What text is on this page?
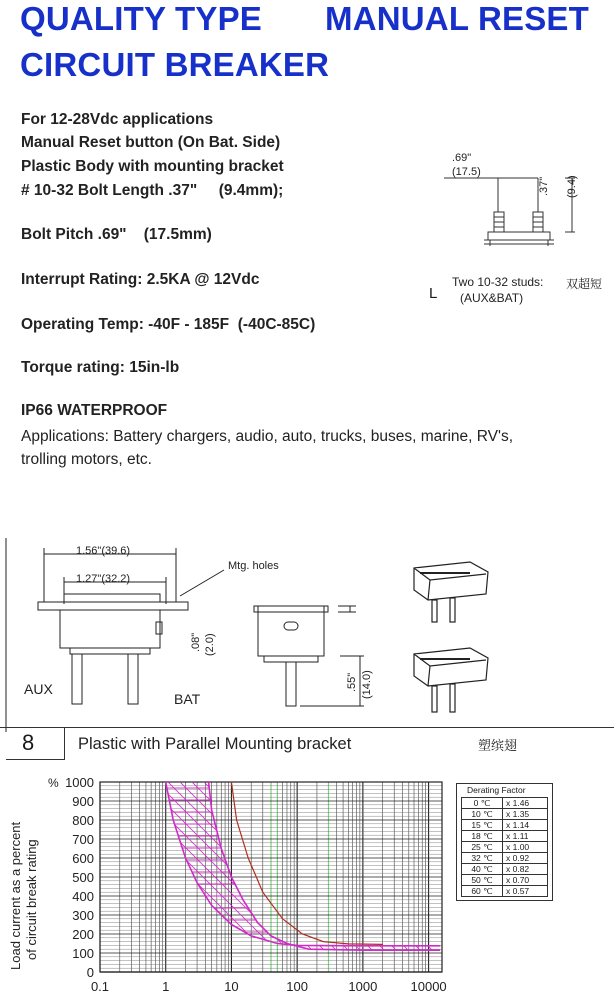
QUALITY TYPE MANUAL RESET
CIRCUIT BREAKER
For 12-28Vdc applications
Manual Reset button (On Bat. Side)
Plastic Body with mounting bracket
# 10-32 Bolt Length .37"     (9.4mm);
Bolt Pitch .69"    (17.5mm)
Interrupt Rating: 2.5KA @ 12Vdc
Operating Temp: -40F - 185F  (-40C-85C)
Torque rating: 15in-lb
IP66 WATERPROOF
Applications: Battery chargers, audio, auto, trucks, buses, marine, RV's,
trolling motors, etc.
.69"
(17.5)
.37" (9.4)
L
Two 10-32 studs: 双超短
(AUX&BAT)
1.56"(39.6)
1.27"(32.2)
Mtg. holes
AUX
BAT
.08" (2.0)
.55" (14.0)
8	Plastic with Parallel Mounting bracket	塑缤翅
Load current as a percent of circuit break rating
%
0
100
200
300
400
500
600
700
800
900
1000
0.1	1	10	100	1000	10000
Derating Factor
0 ℃	x 1.46
10 ℃	x 1.35
15 ℃	x 1.14
18 ℃	x 1.11
25 ℃	x 1.00
32 ℃	x 0.92
40 ℃	x 0.82
50 ℃	x 0.70
60 ℃	x 0.57
